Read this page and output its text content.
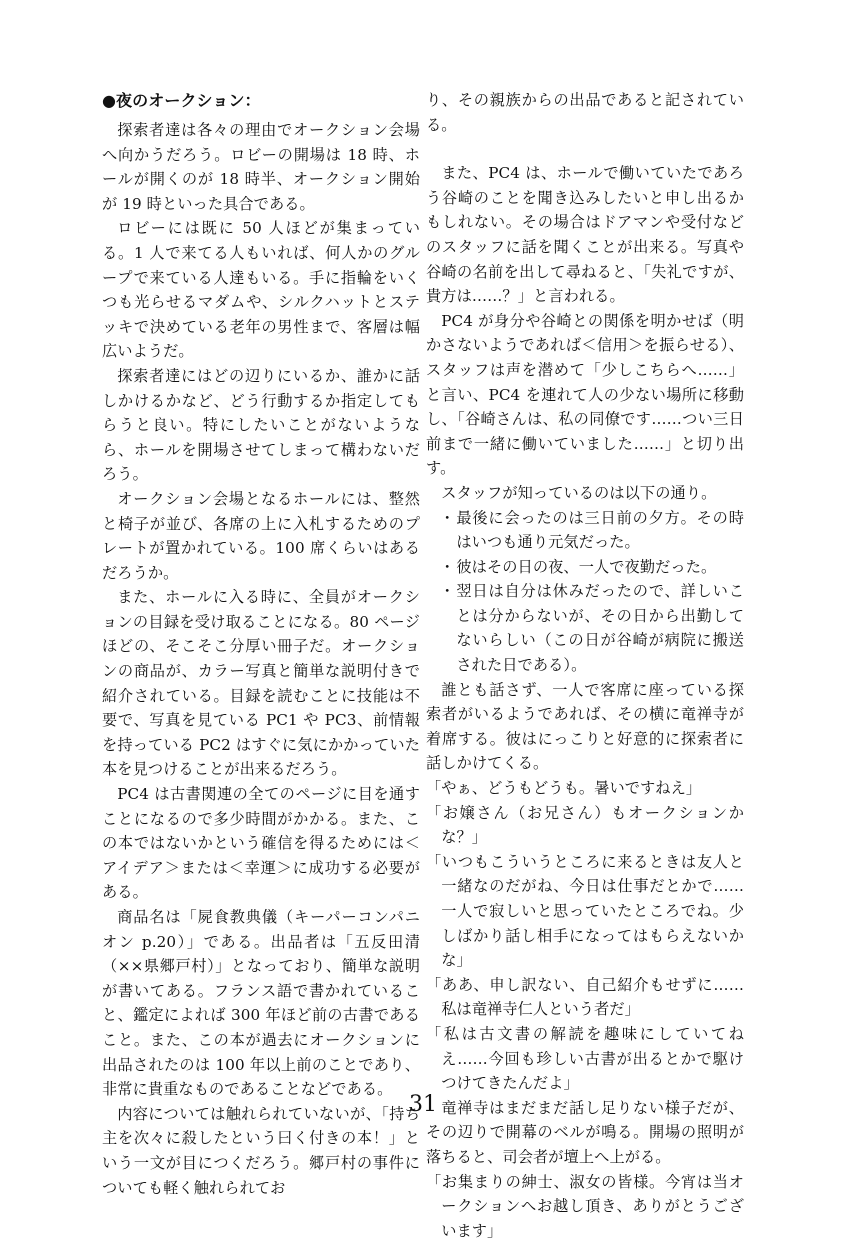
●夜のオークション：

探索者達は各々の理由でオークション会場へ向かうだろう。ロビーの開場は 18 時、ホールが開くのが 18 時半、オークション開始が 19 時といった具合である。

ロビーには既に 50 人ほどが集まっている。1 人で来てる人もいれば、何人かのグループで来ている人達もいる。手に指輪をいくつも光らせるマダムや、シルクハットとステッキで決めている老年の男性まで、客層は幅広いようだ。

探索者達にはどの辺りにいるか、誰かに話しかけるかなど、どう行動するか指定してもらうと良い。特にしたいことがないようなら、ホールを開場させてしまって構わないだろう。

オークション会場となるホールには、整然と椅子が並び、各席の上に入札するためのプレートが置かれている。100 席くらいはあるだろうか。

また、ホールに入る時に、全員がオークションの目録を受け取ることになる。80 ページほどの、そこそこ分厚い冊子だ。オークションの商品が、カラー写真と簡単な説明付きで紹介されている。目録を読むことに技能は不要で、写真を見ている PC1 や PC3、前情報を持っている PC2 はすぐに気にかかっていた本を見つけることが出来るだろう。

PC4 は古書関連の全てのページに目を通すことになるので多少時間がかかる。また、この本ではないかという確信を得るためには＜アイデア＞または＜幸運＞に成功する必要がある。

商品名は「屍食教典儀（キーパーコンパニオン p.20）」である。出品者は「五反田清（××県郷戸村）」となっており、簡単な説明が書いてある。フランス語で書かれていること、鑑定によれば 300 年ほど前の古書であること。また、この本が過去にオークションに出品されたのは 100 年以上前のことであり、非常に貴重なものであることなどである。

内容については触れられていないが、「持ち主を次々に殺したという曰く付きの本！」という一文が目につくだろう。郷戸村の事件についても軽く触れられてお

り、その親族からの出品であると記されている。

また、PC4 は、ホールで働いていたであろう谷崎のことを聞き込みしたいと申し出るかもしれない。その場合はドアマンや受付などのスタッフに話を聞くことが出来る。写真や谷崎の名前を出して尋ねると、「失礼ですが、貴方は……？」と言われる。

PC4 が身分や谷崎との関係を明かせば（明かさないようであれば＜信用＞を振らせる）、スタッフは声を潜めて「少しこちらへ……」と言い、PC4 を連れて人の少ない場所に移動し、「谷崎さんは、私の同僚です……つい三日前まで一緒に働いていました……」と切り出す。

スタッフが知っているのは以下の通り。

・ 最後に会ったのは三日前の夕方。その時はいつも通り元気だった。
・ 彼はその日の夜、一人で夜勤だった。
・ 翌日は自分は休みだったので、詳しいことは分からないが、その日から出勤してないらしい（この日が谷崎が病院に搬送された日である）。

誰とも話さず、一人で客席に座っている探索者がいるようであれば、その横に竜禅寺が着席する。彼はにっこりと好意的に探索者に話しかけてくる。

「やぁ、どうもどうも。暑いですねえ」
「お嬢さん（お兄さん）もオークションかな？」
「いつもこういうところに来るときは友人と一緒なのだがね、今日は仕事だとかで……一人で寂しいと思っていたところでね。少しばかり話し相手になってはもらえないかな」
「ああ、申し訳ない、自己紹介もせずに……私は竜禅寺仁人という者だ」
「私は古文書の解読を趣味にしていてねえ……今回も珍しい古書が出るとかで駆けつけてきたんだよ」

竜禅寺はまだまだ話し足りない様子だが、その辺りで開幕のベルが鳴る。開場の照明が落ちると、司会者が壇上へ上がる。

「お集まりの紳士、淑女の皆様。今宵は当オークションへお越し頂き、ありがとうございます」
31
